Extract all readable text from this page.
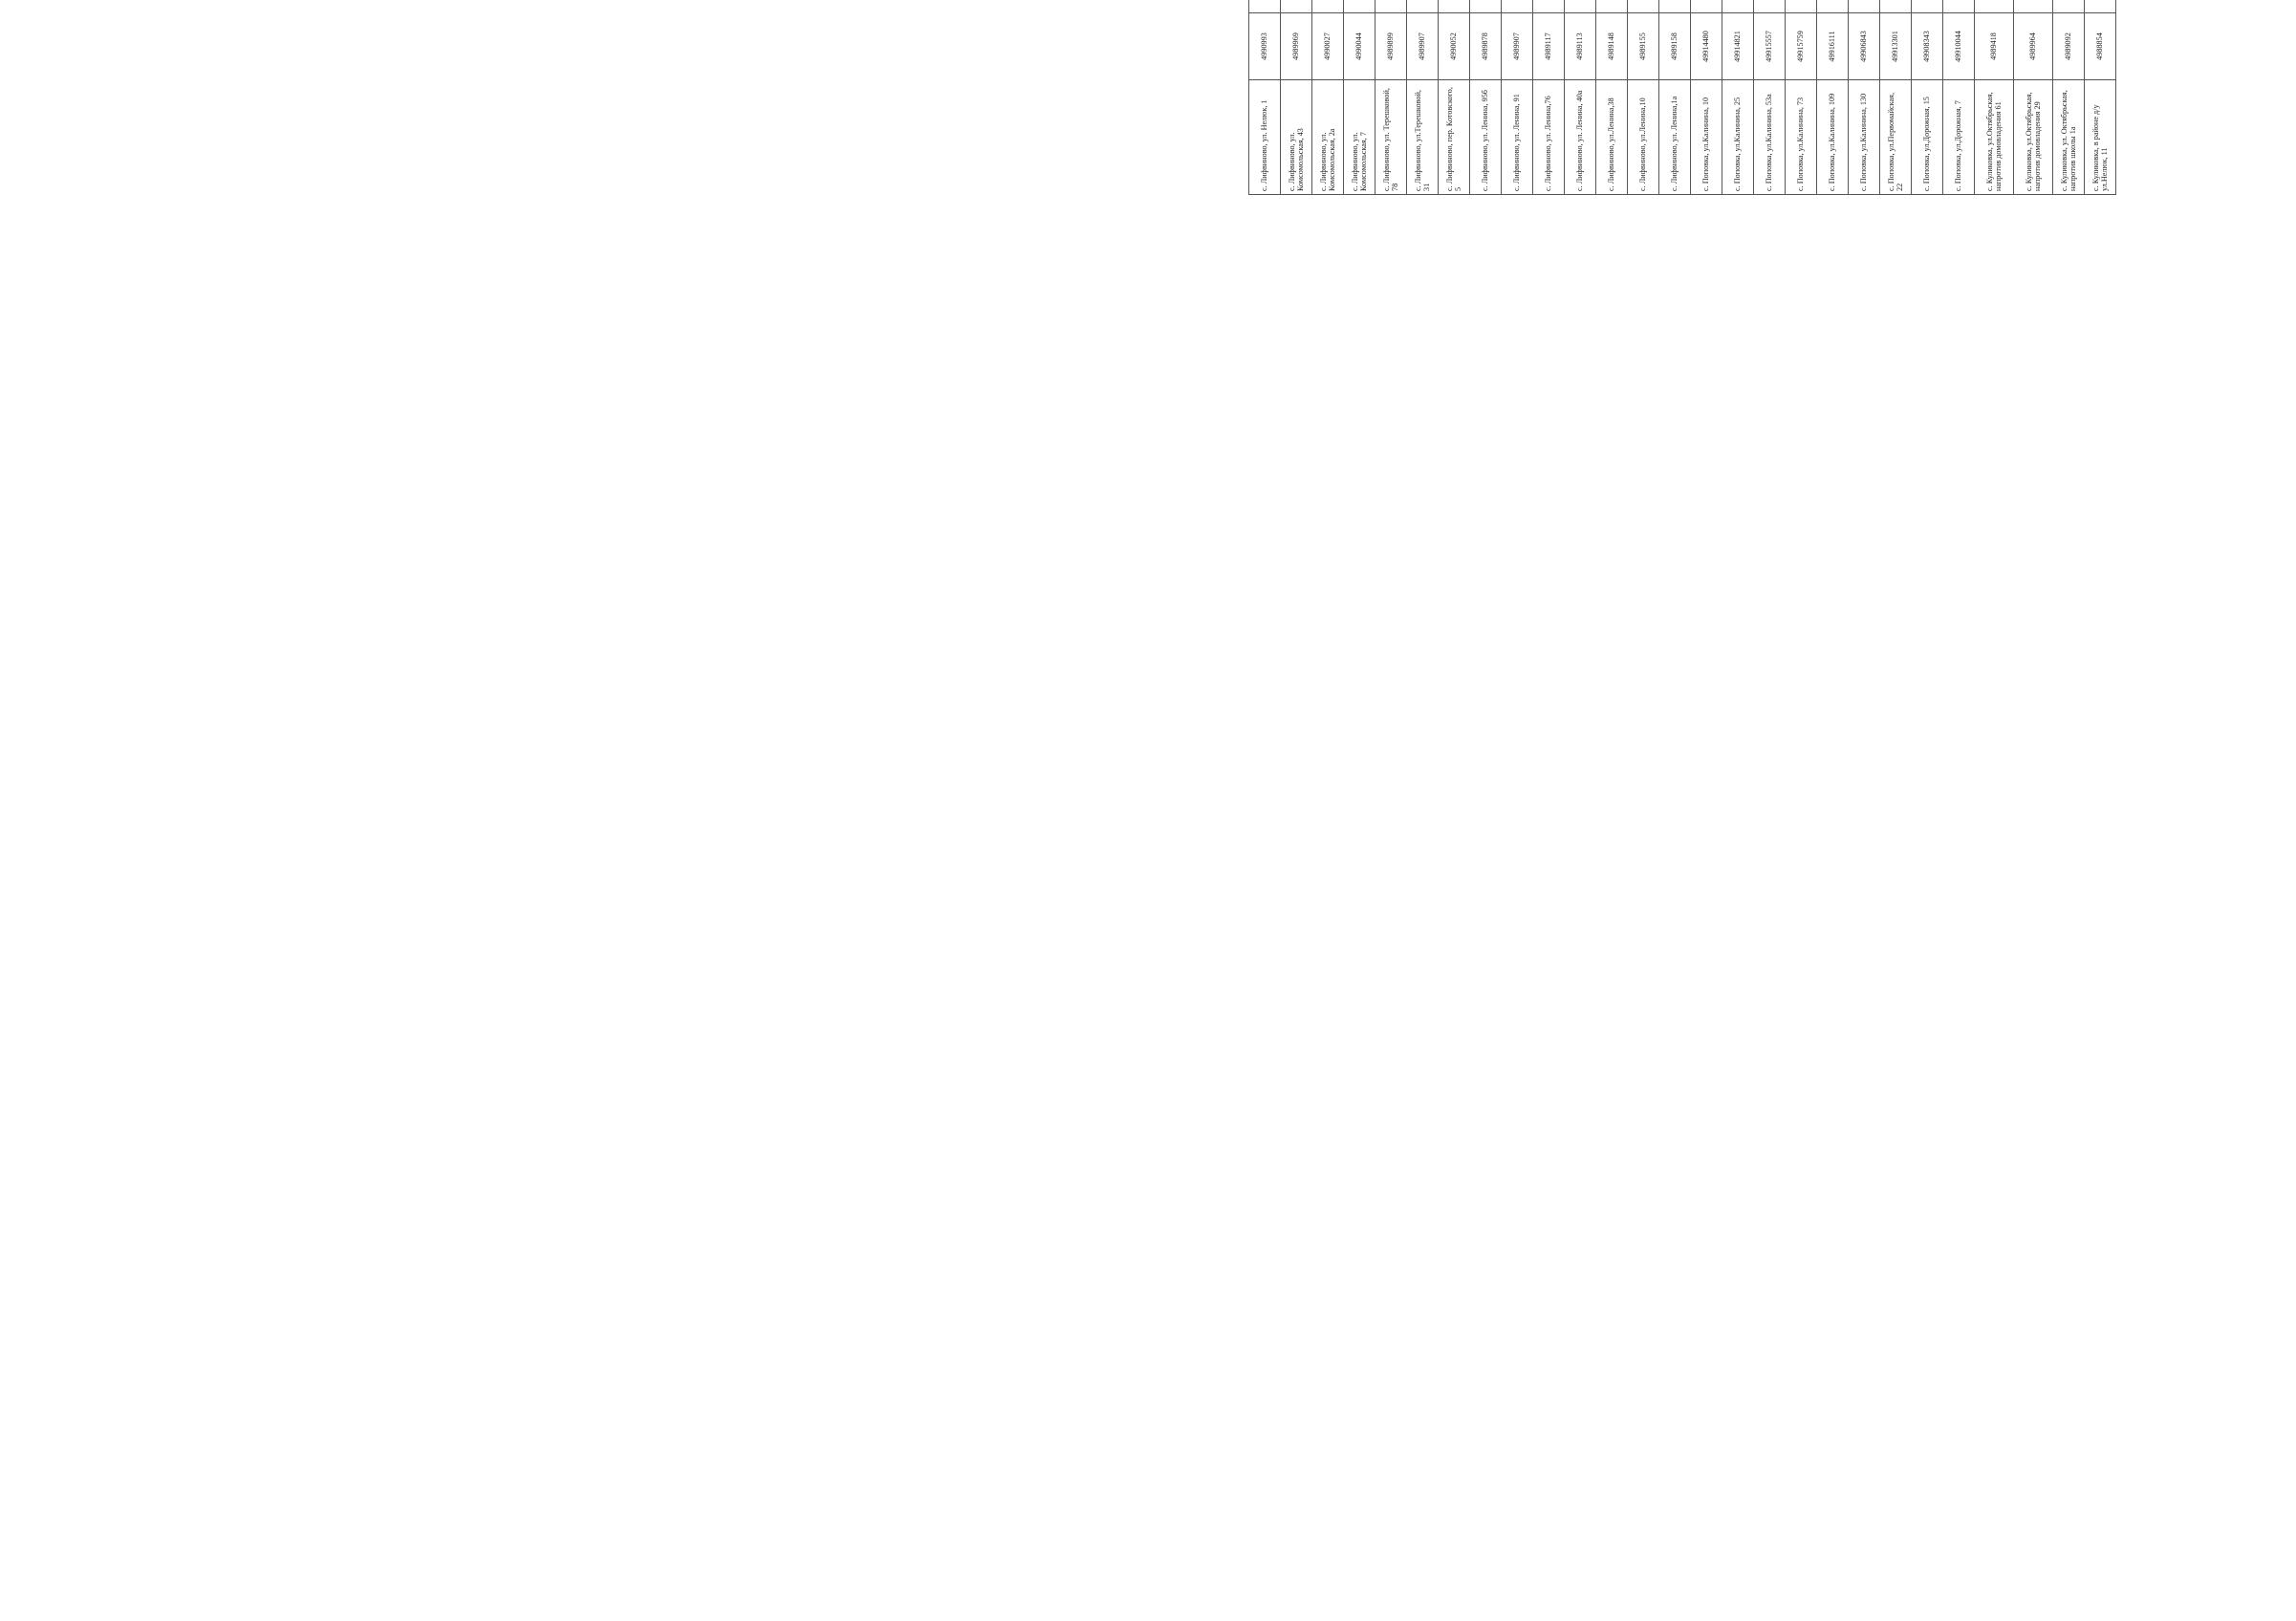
с. Лифвиново, ул. Нелюк, 1	4990993																	
с. Лифвиново, ул. Комсомольская, 43	4989969																	
с. Лифвиново, ул. Комсомольская, 2а	4990027																	
с. Лифвиново, ул. Комсомольская, 7	4990044																	
с. Лифвиново, ул. Терешковой, 78	4989899																	
с. Лифвиново, ул.Терешковой, 31	4989907																	
с. Лифвиново, пер. Котовского, 5	4990052																	
с. Лифвиново, ул. Ленина, 95б	4989878																	
с. Лифвиново, ул. Ленина, 91	4989907																	
с. Лифвиново, ул. Ленина,76	4989117																	
с. Лифвиново, ул. Ленина, 40а	4989113																	
с. Лифвиново, ул.Ленина,38	4989148																	
с. Лифвиново, ул.Ленина,10	4989155																	
с. Лифвиново, ул. Ленина,1а	4989158																	
с. Поповка, ул.Калинина, 10	49914480																	
с. Поповка, ул.Калинина, 25	49914821																	
с. Поповка, ул.Калинина, 53а	49915557																	
с. Поповка, ул.Калинина, 73	49915759																	
с. Поповка, ул.Калинина, 109	49916111																	
с. Поповка, ул.Калинина, 130	49906843																	
с. Поповка, ул.Первомайская, 22	49913301																	
с. Поповка, ул.Дорожная, 15	49908343																	
с. Поповка, ул.Дорожная, 7	49910044																	
с. Куликовка, ул.Октябрьская, напротив домовладения 61	4989418																	
с. Куликовка, ул.Октябрьская, напротив домовладения 29	4989964																	
с. Куликовка, ул. Октябрьская, напротив школы 1а	4989092																	
с. Куликовка, в районе д/у ул.Нелюк, 11	4988854																	
